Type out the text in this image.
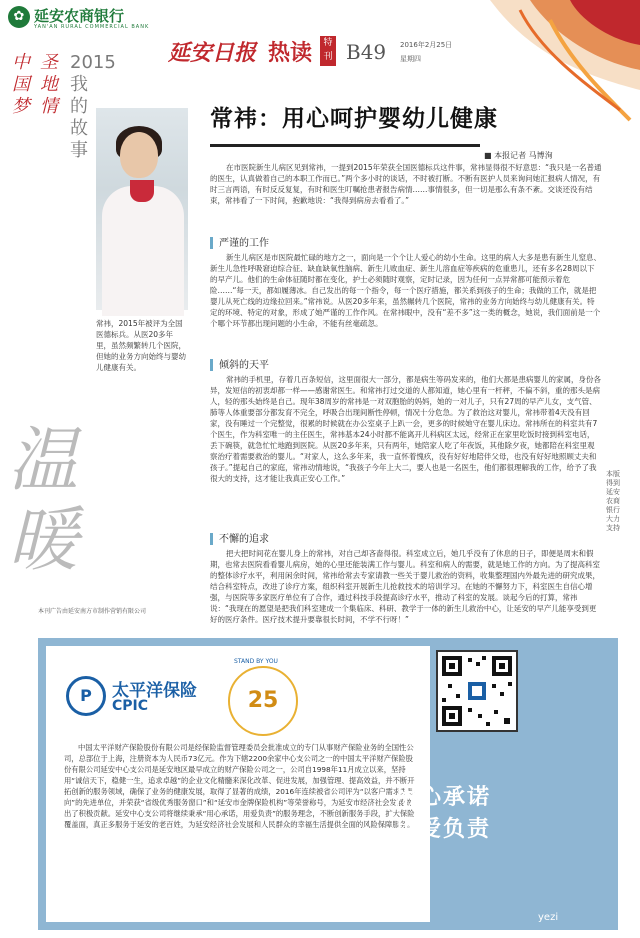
✿ 延安农商银行
YAN'AN RURAL COMMERCIAL BANK
延安日报 热读	特刊 B49 2016年2月25日
星期四
中国梦
圣地情
2015我的故事
温暖
常祎，2015年被评为全国医德标兵。从医20多年里，虽然频繁转几个医院，但她的业务方向始终与婴幼儿健康有关。
常祎：用心呵护婴幼儿健康
■ 本报记者 马博洵
在市医院新生儿病区见到常祎，一提到2015年荣获全国医德标兵这件事，常祎显得很不好意思：“我只是一名普通的医生，认真做着自己的本职工作而已。”两个多小时的谈话，不时被打断。不断有医护人员来询问她汇报病人情况，有时三言两语，有时反反复复，有时和医生叮嘱抢患者报告病情……事情很多，但一切是那么有条不紊。交谈还没有结束，常祎看了一下时间，抱歉地说：“我得到病房去看看了。”
严谨的工作
新生儿病区是市医院最忙碌的地方之一，面向是一个个让人爱心的幼小生命。这里的病人大多是患有新生儿窒息、新生儿急性呼吸窘迫综合征、缺血缺氧性脑病、新生儿败血症、新生儿溶血症等疾病的危重患儿，还有多名28周以下的早产儿。他们的生命体征随时都在变化，护士必须随时观察，定时记录，因为任何一点异常都可能预示着危险……“每一天，都如履薄冰。自己发出的每一个指令，每一个医疗措施，都关系到孩子的生命；我做的工作，就是把婴儿从死亡线的边缘拉回来。”常祎说。从医20多年来，虽然辗转几个医院，常祎的业务方向始终与幼儿健康有关。特定的环境、特定的对象，形成了她严谨的工作作风。在常祎眼中，没有“差不多”这一类的概念，她说，我们面前是一个个哪个环节都出现问题的小生命，不能有丝毫疏忽。
倾斜的天平
常祎的手机里，存着几百条短信，这里面很大一部分，都是病生等码发来的，他们大都是患病婴儿的家属，身份各异，发短信的初衷却都一样——感谢常医生。和常祎打过交道的人都知道，她心里有一杆秤，不偏不斜，重的那头是病人，轻的那头始终是自己。现年38周岁的常祎是一对双胞胎的妈妈，她的一对儿子，只有27周的早产儿女，支气管、肺等人体重要部分都发育不完全，呼吸合出现间断性停顿，情况十分危急。为了救治这对婴儿，常祎带着4天没有回家，没有睡过一个完整觉，很累的时候就在办公室桌子上趴一会，更多的时候她守在婴儿床边。常祎所在的科室共有7个医生，作为科室唯一的主任医生，常祎基本24小时都不能离开儿科病区太远，经常正在家里吃饭时接到科室电话，丢下碗筷，就急忙忙地跑到医院。从医20多年来，只有两年，她陪家人吃了年夜饭，其他除夕夜，她都陪在科室里观察治疗着需要救治的婴儿。“对家人，这么多年来，我一直怀着愧疚，没有好好地陪伴父母，也没有好好地照顾丈夫和孩子。”提起自己的家庭，常祎动情地说，“我孩子今年上大二，要人也是一名医生，他们都很理解我的工作，给予了我很大的支持，这才能让我真正安心工作。”
不懈的追求
把大把时间花在婴儿身上的常祎，对自己却吝啬得很。科室成立后，她几乎没有了休息的日子，即便是周末和假期，也常去医院看看婴儿病房，她的心里还能装满工作与婴儿。科室和病人的需要，就是她工作的方向。为了提高科室的整体诊疗水平，利用闲余时间，常祎给常去专家请教一些关于婴儿救治的资料，收集整理国内外最先进的研究成果，结合科室特点，改进了诊疗方案，组织科室开展新生儿抢救技术的培训学习。在她的不懈努力下，科室医生自信心增强，与医院等多家医疗单位有了合作，通过科技手段提高诊疗水平，推动了科室的发展。谈起今后的打算，常祎说：“我现在的愿望是把我们科室建成一个集临床、科研、教学于一体的新生儿救治中心，让延安的早产儿能享受到更好的医疗条件。医疗技术提升要靠很长时间，不学不行呀！”
本版得到延安农商银行大力支持
本刊广告由延安南方市制作营销有限公司
P	太平洋保险
CPIC
STAND BY YOU
25
中国太平洋财产保险股份有限公司是经保险监督管理委员会批准成立的专门从事财产保险业务的全国性公司，总部位于上海，注册资本为人民币73亿元。作为下辖2200余家中心支公司之一的中国太平洋财产保险股份有限公司延安中心支公司是延安地区最早成立的财产保险公司之一，公司自1998年11月成立以来，坚持用“诚信天下，稳健一生，追求卓越”的企业文化精髓来深化改革、促进发展，加强管理、提高效益，并不断开拓创新的服务领域，确保了业务的健康发展，取得了显著的成绩，2016年连续被省公司评为“以客户需求为导向”的先进单位，并荣获“省级优秀服务窗口”和“延安市金牌保险机构”等荣誉称号，为延安市经济社会发展做出了积极贡献。延安中心支公司将继续秉承“用心承诺，用爱负责”的服务理念，不断创新服务手段，扩大保险覆盖面，真正多服务于延安的老百姓，为延安经济社会发展和人民群众的幸福生活提供全面的风险保障服务。
用心承诺
用爱负责
yezi
